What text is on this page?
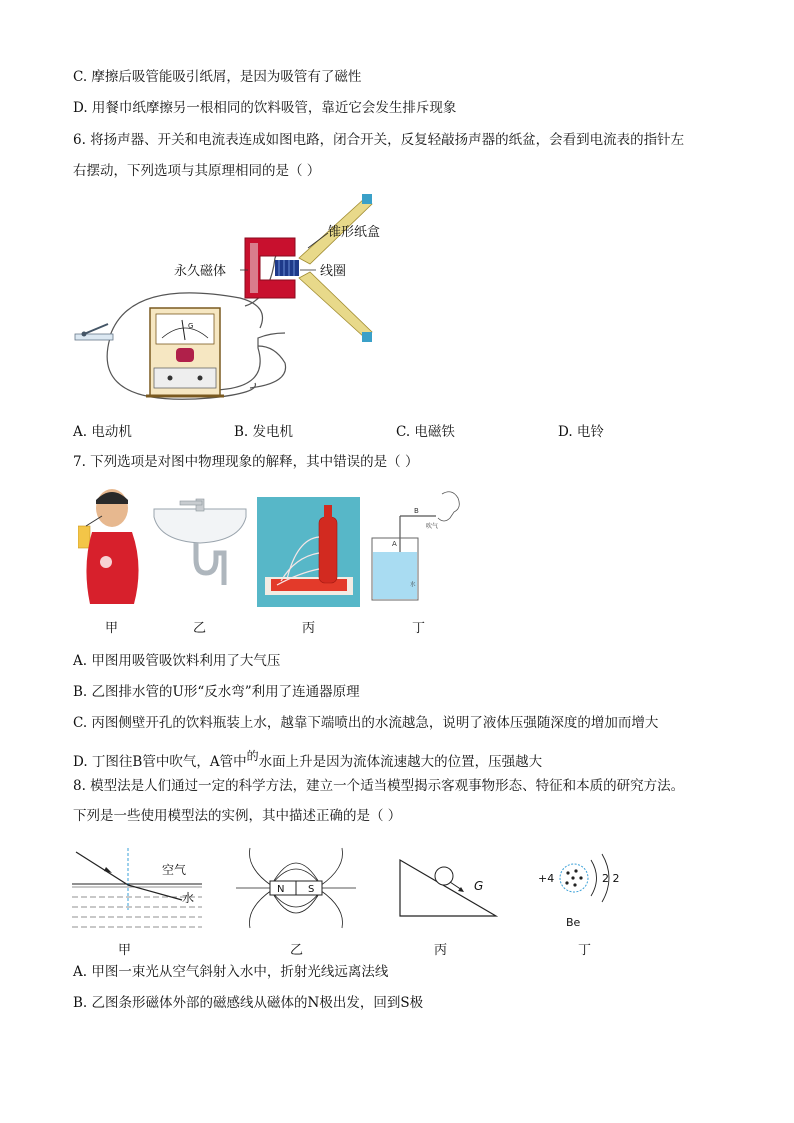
C. 摩擦后吸管能吸引纸屑，是因为吸管有了磁性
D. 用餐巾纸摩擦另一根相同的饮料吸管，靠近它会发生排斥现象
6. 将扬声器、开关和电流表连成如图电路，闭合开关，反复轻敲扬声器的纸盆，会看到电流表的指针左
右摆动，下列选项与其原理相同的是（ ）
G
锥形纸盒
永久磁体	线圈
A. 电动机	B. 发电机	C. 电磁铁	D. 电铃
7. 下列选项是对图中物理现象的解释，其中错误的是（ ）
吹气
B
A
水
甲	乙	丙	丁
A. 甲图用吸管吸饮料利用了大气压
B. 乙图排水管的U形“反水弯”利用了连通器原理
C. 丙图侧壁开孔的饮料瓶装上水，越靠下端喷出的水流越急，说明了液体压强随深度的增加而增大
D. 丁图往B管中吹气，A管中的水面上升是因为流体流速越大的位置，压强越大
8. 模型法是人们通过一定的科学方法，建立一个适当模型揭示客观事物形态、特征和本质的研究方法。
下列是一些使用模型法的实例，其中描述正确的是（ ）
空气
水
N S	G
+4	2 2
Be
甲	乙	丙	丁
A. 甲图一束光从空气斜射入水中，折射光线远离法线
B. 乙图条形磁体外部的磁感线从磁体的N极出发，回到S极
